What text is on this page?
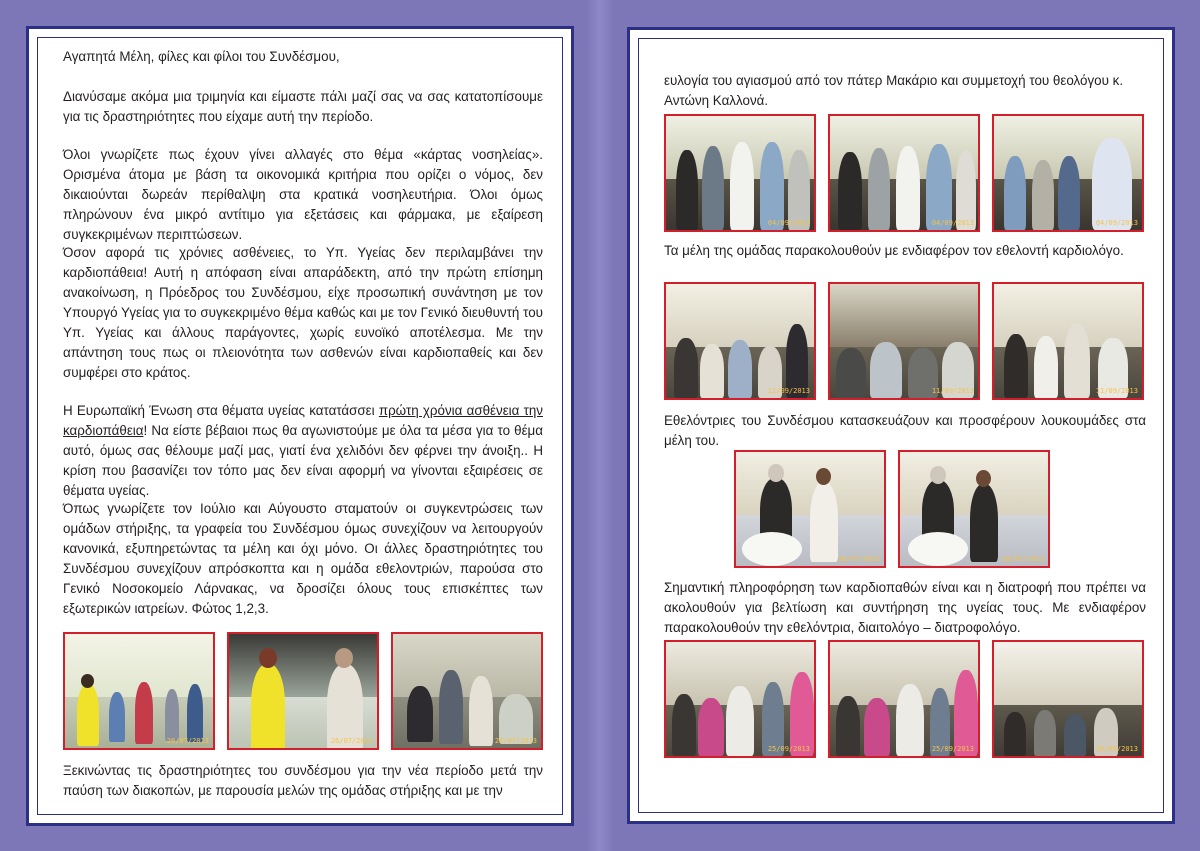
Αγαπητά Μέλη, φίλες και φίλοι του Συνδέσμου,

Διανύσαμε ακόμα μια τριμηνία και είμαστε πάλι μαζί σας να σας κατατοπίσουμε για τις δραστηριότητες που είχαμε αυτή την περίοδο.

Όλοι γνωρίζετε πως έχουν γίνει αλλαγές στο θέμα «κάρτας νοσηλείας». Ορισμένα άτομα με βάση τα οικονομικά κριτήρια που ορίζει ο νόμος, δεν δικαιούνται δωρεάν περίθαλψη στα κρατικά νοσηλευτήρια. Όλοι όμως πληρώνουν ένα μικρό αντίτιμο για εξετάσεις και φάρμακα, με εξαίρεση συγκεκριμένων περιπτώσεων.

Όσον αφορά τις χρόνιες ασθένειες, το Υπ. Υγείας δεν περιλαμβάνει την καρδιοπάθεια! Αυτή η απόφαση είναι απαράδεκτη, από την πρώτη επίσημη ανακοίνωση, η Πρόεδρος του Συνδέσμου, είχε προσωπική συνάντηση με τον Υπουργό Υγείας για το συγκεκριμένο θέμα καθώς και με τον Γενικό διευθυντή του Υπ. Υγείας και άλλους παράγοντες, χωρίς ευνοϊκό αποτέλεσμα. Με την απάντηση τους πως οι πλειονότητα των ασθενών είναι καρδιοπαθείς και δεν συμφέρει στο κράτος.

Η Ευρωπαϊκή Ένωση στα θέματα υγείας κατατάσσει πρώτη χρόνια ασθένεια την καρδιοπάθεια! Να είστε βέβαιοι πως θα αγωνιστούμε με όλα τα μέσα για το θέμα αυτό, όμως σας θέλουμε μαζί μας, γιατί ένα χελιδόνι δεν φέρνει την άνοιξη.. Η κρίση που βασανίζει τον τόπο μας δεν είναι αφορμή να γίνονται εξαιρέσεις σε θέματα υγείας.

Όπως γνωρίζετε τον Ιούλιο και Αύγουστο σταματούν οι συγκεντρώσεις των ομάδων στήριξης, τα γραφεία του Συνδέσμου όμως συνεχίζουν να λειτουργούν κανονικά, εξυπηρετώντας τα μέλη και όχι μόνο. Οι άλλες δραστηριότητες του Συνδέσμου συνεχίζουν απρόσκοπτα και η ομάδα εθελοντριών, παρούσα στο Γενικό Νοσοκομείο Λάρνακας, να δροσίζει όλους τους επισκέπτες των εξωτερικών ιατρείων. Φώτος 1,2,3.

26/07/2013	26/07/2013	26/07/2013

Ξεκινώντας τις δραστηριότητες του συνδέσμου για την νέα περίοδο μετά την παύση των διακοπών, με παρουσία μελών της ομάδας στήριξης και με την

ευλογία του αγιασμού από τον πάτερ Μακάριο και συμμετοχή του θεολόγου κ. Αντώνη Καλλονά.

04/09/2013	04/09/2013	04/09/2013

Τα μέλη της ομάδας παρακολουθούν με ενδιαφέρον τον εθελοντή καρδιολόγο.

11/09/2013	11/09/2013	11/09/2013

Εθελόντριες του Συνδέσμου κατασκευάζουν και προσφέρουν λουκουμάδες στα μέλη του.

28/07/2013	28/07/2013

Σημαντική πληροφόρηση των καρδιοπαθών είναι και η διατροφή που πρέπει να ακολουθούν για βελτίωση και συντήρηση της υγείας τους. Με ενδιαφέρον παρακολουθούν την εθελόντρια, διαιτολόγο – διατροφολόγο.

25/09/2013	25/09/2013	10/09/2013
